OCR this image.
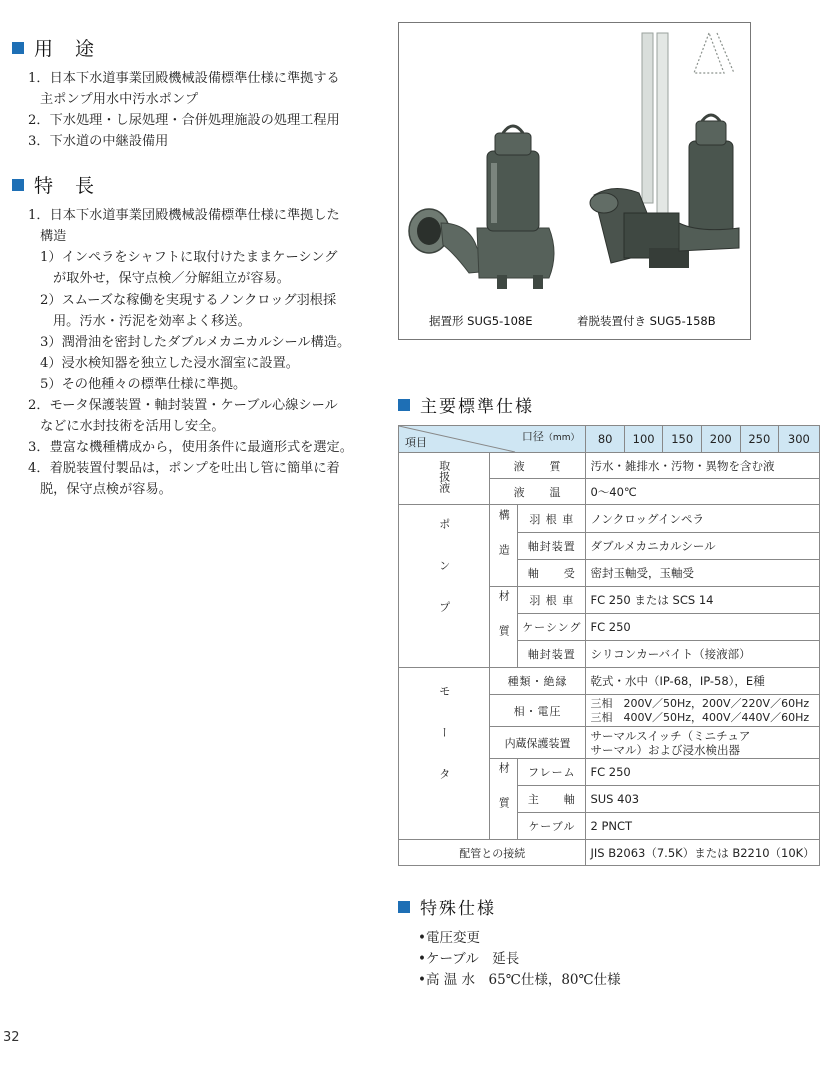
用 途
1．日本下水道事業団殿機械設備標準仕様に準拠する
主ポンプ用水中汚水ポンプ
2．下水処理・し尿処理・合併処理施設の処理工程用
3．下水道の中継設備用
特 長
1．日本下水道事業団殿機械設備標準仕様に準拠した
構造
1）インペラをシャフトに取付けたままケーシング
が取外せ，保守点検／分解組立が容易。
2）スムーズな稼働を実現するノンクロッグ羽根採
用。汚水・汚泥を効率よく移送。
3）潤滑油を密封したダブルメカニカルシール構造。
4）浸水検知器を独立した浸水溜室に設置。
5）その他種々の標準仕様に準拠。
2．モータ保護装置・軸封装置・ケーブル心線シール
などに水封技術を活用し安全。
3．豊富な機種構成から，使用条件に最適形式を選定。
4．着脱装置付製品は，ポンプを吐出し管に簡単に着
脱，保守点検が容易。
据置形 SUG5-108E	着脱装置付き SUG5-158B
主要標準仕様
口径（mm）
項目			80	100	150	200	250	300
取扱液	液　　質		汚水・雑排水・汚物・異物を含む液					
	液　　温		0〜40℃					
ポンプ	構造	羽 根 車	ノンクロッグインペラ					
		軸封装置	ダブルメカニカルシール					
		軸　　受	密封玉軸受，玉軸受					
	材質	羽 根 車	FC 250 または SCS 14					
		ケーシング	FC 250					
		軸封装置	シリコンカーバイト（接液部）					
モータ	種類・絶縁		乾式・水中（IP-68，IP-58），E種					
	相・電圧		三相　200V／50Hz，200V／220V／60Hz
三相　400V／50Hz，400V／440V／60Hz					

	内蔵保護装置		サーマルスイッチ（ミニチュア
サーマル）および浸水検出器					

	材質	フレーム	FC 250					
		主　　軸	SUS 403					
		ケーブル	2 PNCT					
配管との接続			JIS B2063（7.5K）または B2210（10K）					
特殊仕様
•電圧変更
•ケーブル　延長
•高 温 水　65℃仕様，80℃仕様
32
